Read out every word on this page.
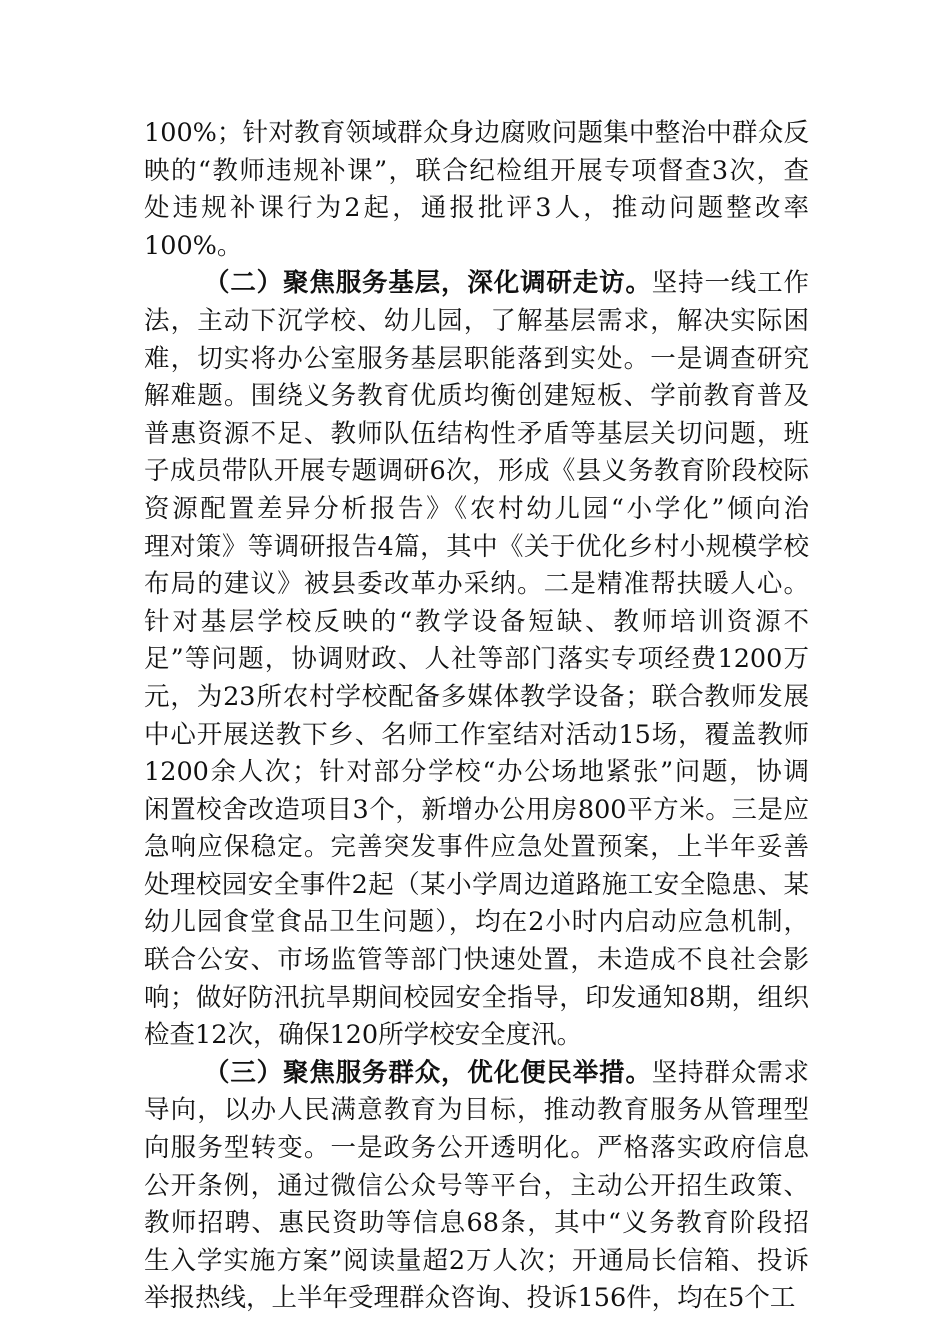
100%；针对教育领域群众身边腐败问题集中整治中群众反
映的“教师违规补课”，联合纪检组开展专项督查3次，查
处违规补课行为2起，通报批评3人，推动问题整改率
100%。
（二）聚焦服务基层，深化调研走访。坚持一线工作
法，主动下沉学校、幼儿园，了解基层需求，解决实际困
难，切实将办公室服务基层职能落到实处。一是调查研究
解难题。围绕义务教育优质均衡创建短板、学前教育普及
普惠资源不足、教师队伍结构性矛盾等基层关切问题，班
子成员带队开展专题调研6次，形成《县义务教育阶段校际
资源配置差异分析报告》《农村幼儿园“小学化”倾向治
理对策》等调研报告4篇，其中《关于优化乡村小规模学校
布局的建议》被县委改革办采纳。二是精准帮扶暖人心。
针对基层学校反映的“教学设备短缺、教师培训资源不
足”等问题，协调财政、人社等部门落实专项经费1200万
元，为23所农村学校配备多媒体教学设备；联合教师发展
中心开展送教下乡、名师工作室结对活动15场，覆盖教师
1200余人次；针对部分学校“办公场地紧张”问题，协调
闲置校舍改造项目3个，新增办公用房800平方米。三是应
急响应保稳定。完善突发事件应急处置预案，上半年妥善
处理校园安全事件2起（某小学周边道路施工安全隐患、某
幼儿园食堂食品卫生问题），均在2小时内启动应急机制，
联合公安、市场监管等部门快速处置，未造成不良社会影
响；做好防汛抗旱期间校园安全指导，印发通知8期，组织
检查12次，确保120所学校安全度汛。
（三）聚焦服务群众，优化便民举措。坚持群众需求
导向，以办人民满意教育为目标，推动教育服务从管理型
向服务型转变。一是政务公开透明化。严格落实政府信息
公开条例，通过微信公众号等平台，主动公开招生政策、
教师招聘、惠民资助等信息68条，其中“义务教育阶段招
生入学实施方案”阅读量超2万人次；开通局长信箱、投诉
举报热线，上半年受理群众咨询、投诉156件，均在5个工
